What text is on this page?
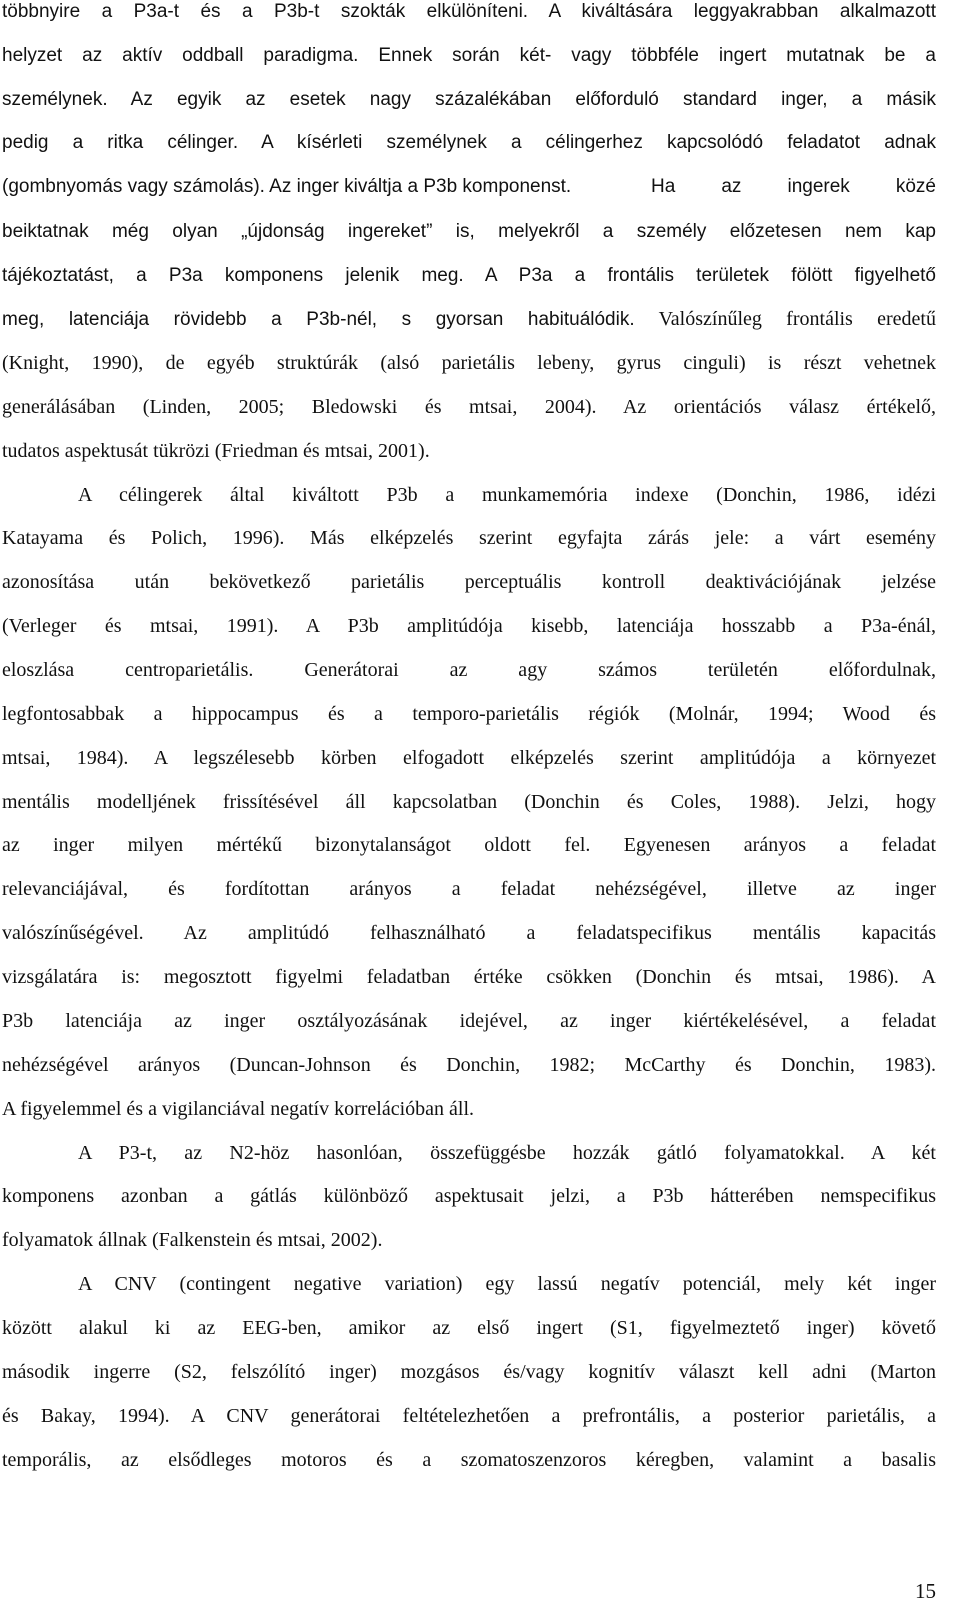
többnyire a P3a-t és a P3b-t szokták elkülöníteni. A kiváltására leggyakrabban alkalmazott
helyzet az aktív oddball paradigma. Ennek során két- vagy többféle ingert mutatnak be a
személynek. Az egyik az esetek nagy százalékában előforduló standard inger, a másik
pedig a ritka célinger. A kísérleti személynek a célingerhez kapcsolódó feladatot adnak
(gombnyomás vagy számolás). Az inger kiváltja a P3b komponenst.	Ha az ingerek közé
beiktatnak még olyan „újdonság ingereket” is, melyekről a személy előzetesen nem kap
tájékoztatást, a P3a komponens jelenik meg. A P3a a frontális területek fölött figyelhető
meg, latenciája rövidebb a P3b-nél, s gyorsan habituálódik. Valószínűleg frontális eredetű
(Knight, 1990), de egyéb struktúrák (alsó parietális lebeny, gyrus cinguli) is részt vehetnek
generálásában (Linden, 2005; Bledowski és mtsai, 2004). Az orientációs válasz értékelő,
tudatos aspektusát tükrözi (Friedman és mtsai, 2001).
A célingerek által kiváltott P3b a munkamemória indexe (Donchin, 1986, idézi
Katayama és Polich, 1996). Más elképzelés szerint egyfajta zárás jele: a várt esemény
azonosítása után bekövetkező parietális perceptuális kontroll deaktivációjának jelzése
(Verleger és mtsai, 1991). A P3b amplitúdója kisebb, latenciája hosszabb a P3a-énál,
eloszlása centroparietális. Generátorai az agy számos területén előfordulnak,
legfontosabbak a hippocampus és a temporo-parietális régiók (Molnár, 1994; Wood és
mtsai, 1984). A legszélesebb körben elfogadott elképzelés szerint amplitúdója a környezet
mentális modelljének frissítésével áll kapcsolatban (Donchin és Coles, 1988). Jelzi, hogy
az inger milyen mértékű bizonytalanságot oldott fel. Egyenesen arányos a feladat
relevanciájával, és fordítottan arányos a feladat nehézségével, illetve az inger
valószínűségével. Az amplitúdó felhasználható a feladatspecifikus mentális kapacitás
vizsgálatára is: megosztott figyelmi feladatban értéke csökken (Donchin és mtsai, 1986). A
P3b latenciája az inger osztályozásának idejével, az inger kiértékelésével, a feladat
nehézségével arányos (Duncan-Johnson és Donchin, 1982; McCarthy és Donchin, 1983).
A figyelemmel és a vigilanciával negatív korrelációban áll.
A P3-t, az N2-höz hasonlóan, összefüggésbe hozzák gátló folyamatokkal. A két
komponens azonban a gátlás különböző aspektusait jelzi, a P3b hátterében nemspecifikus
folyamatok állnak (Falkenstein és mtsai, 2002).
A CNV (contingent negative variation) egy lassú negatív potenciál, mely két inger
között alakul ki az EEG-ben, amikor az első ingert (S1, figyelmeztető inger) követő
második ingerre (S2, felszólító inger) mozgásos és/vagy kognitív választ kell adni (Marton
és Bakay, 1994). A CNV generátorai feltételezhetően a prefrontális, a posterior parietális, a
temporális, az elsődleges motoros és a szomatoszenzoros kéregben, valamint a basalis
15
